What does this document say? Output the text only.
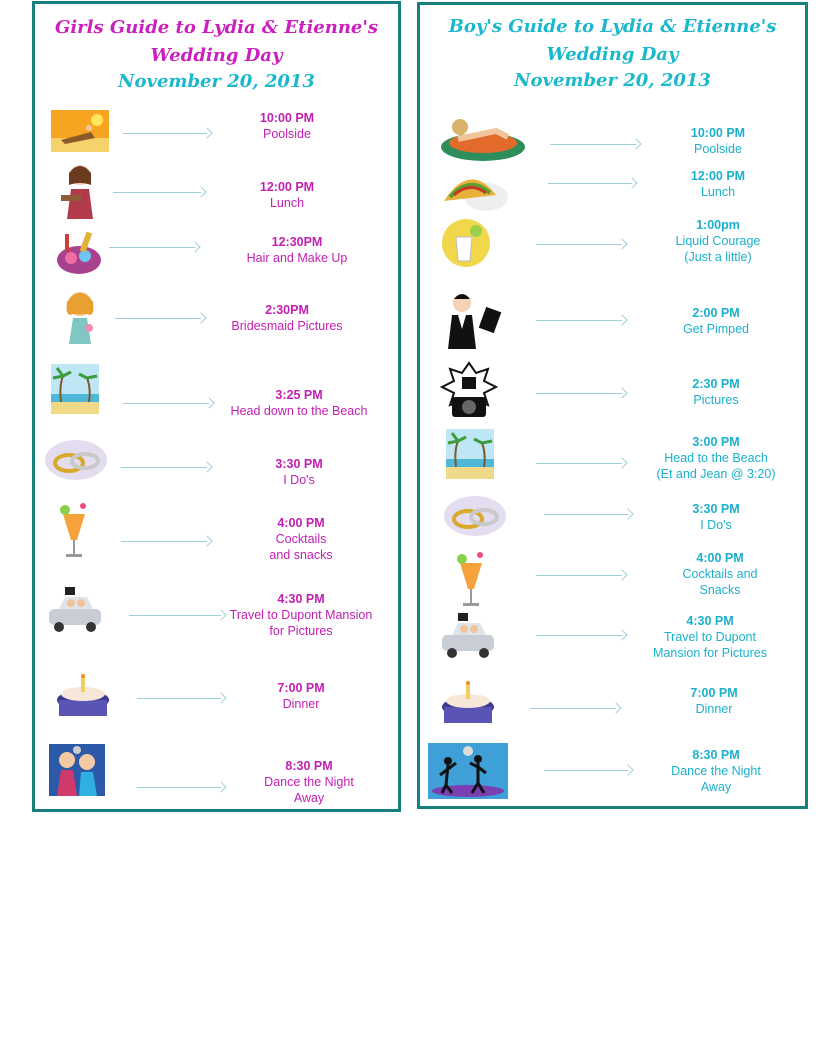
Girls Guide to Lydia & Etienne's
Wedding Day
November 20, 2013
10:00 PM
Poolside
12:00 PM
Lunch
12:30PM
Hair and Make Up
2:30PM
Bridesmaid Pictures
3:25 PM
Head down to the Beach
3:30 PM
I Do's
4:00 PM
Cocktails
and snacks
4:30 PM
Travel to Dupont Mansion
for Pictures
7:00 PM
Dinner
8:30 PM
Dance the Night
Away
Boy's Guide to Lydia & Etienne's
Wedding Day
November 20, 2013
10:00 PM
Poolside
12:00 PM
Lunch
1:00pm
Liquid Courage
(Just a little)
2:00 PM
Get Pimped
2:30 PM
Pictures
3:00 PM
Head to the Beach
(Et and Jean @ 3:20)
3:30 PM
I Do's
4:00 PM
Cocktails and
Snacks
4:30 PM
Travel to Dupont
Mansion for Pictures
7:00 PM
Dinner
8:30 PM
Dance the Night
Away
